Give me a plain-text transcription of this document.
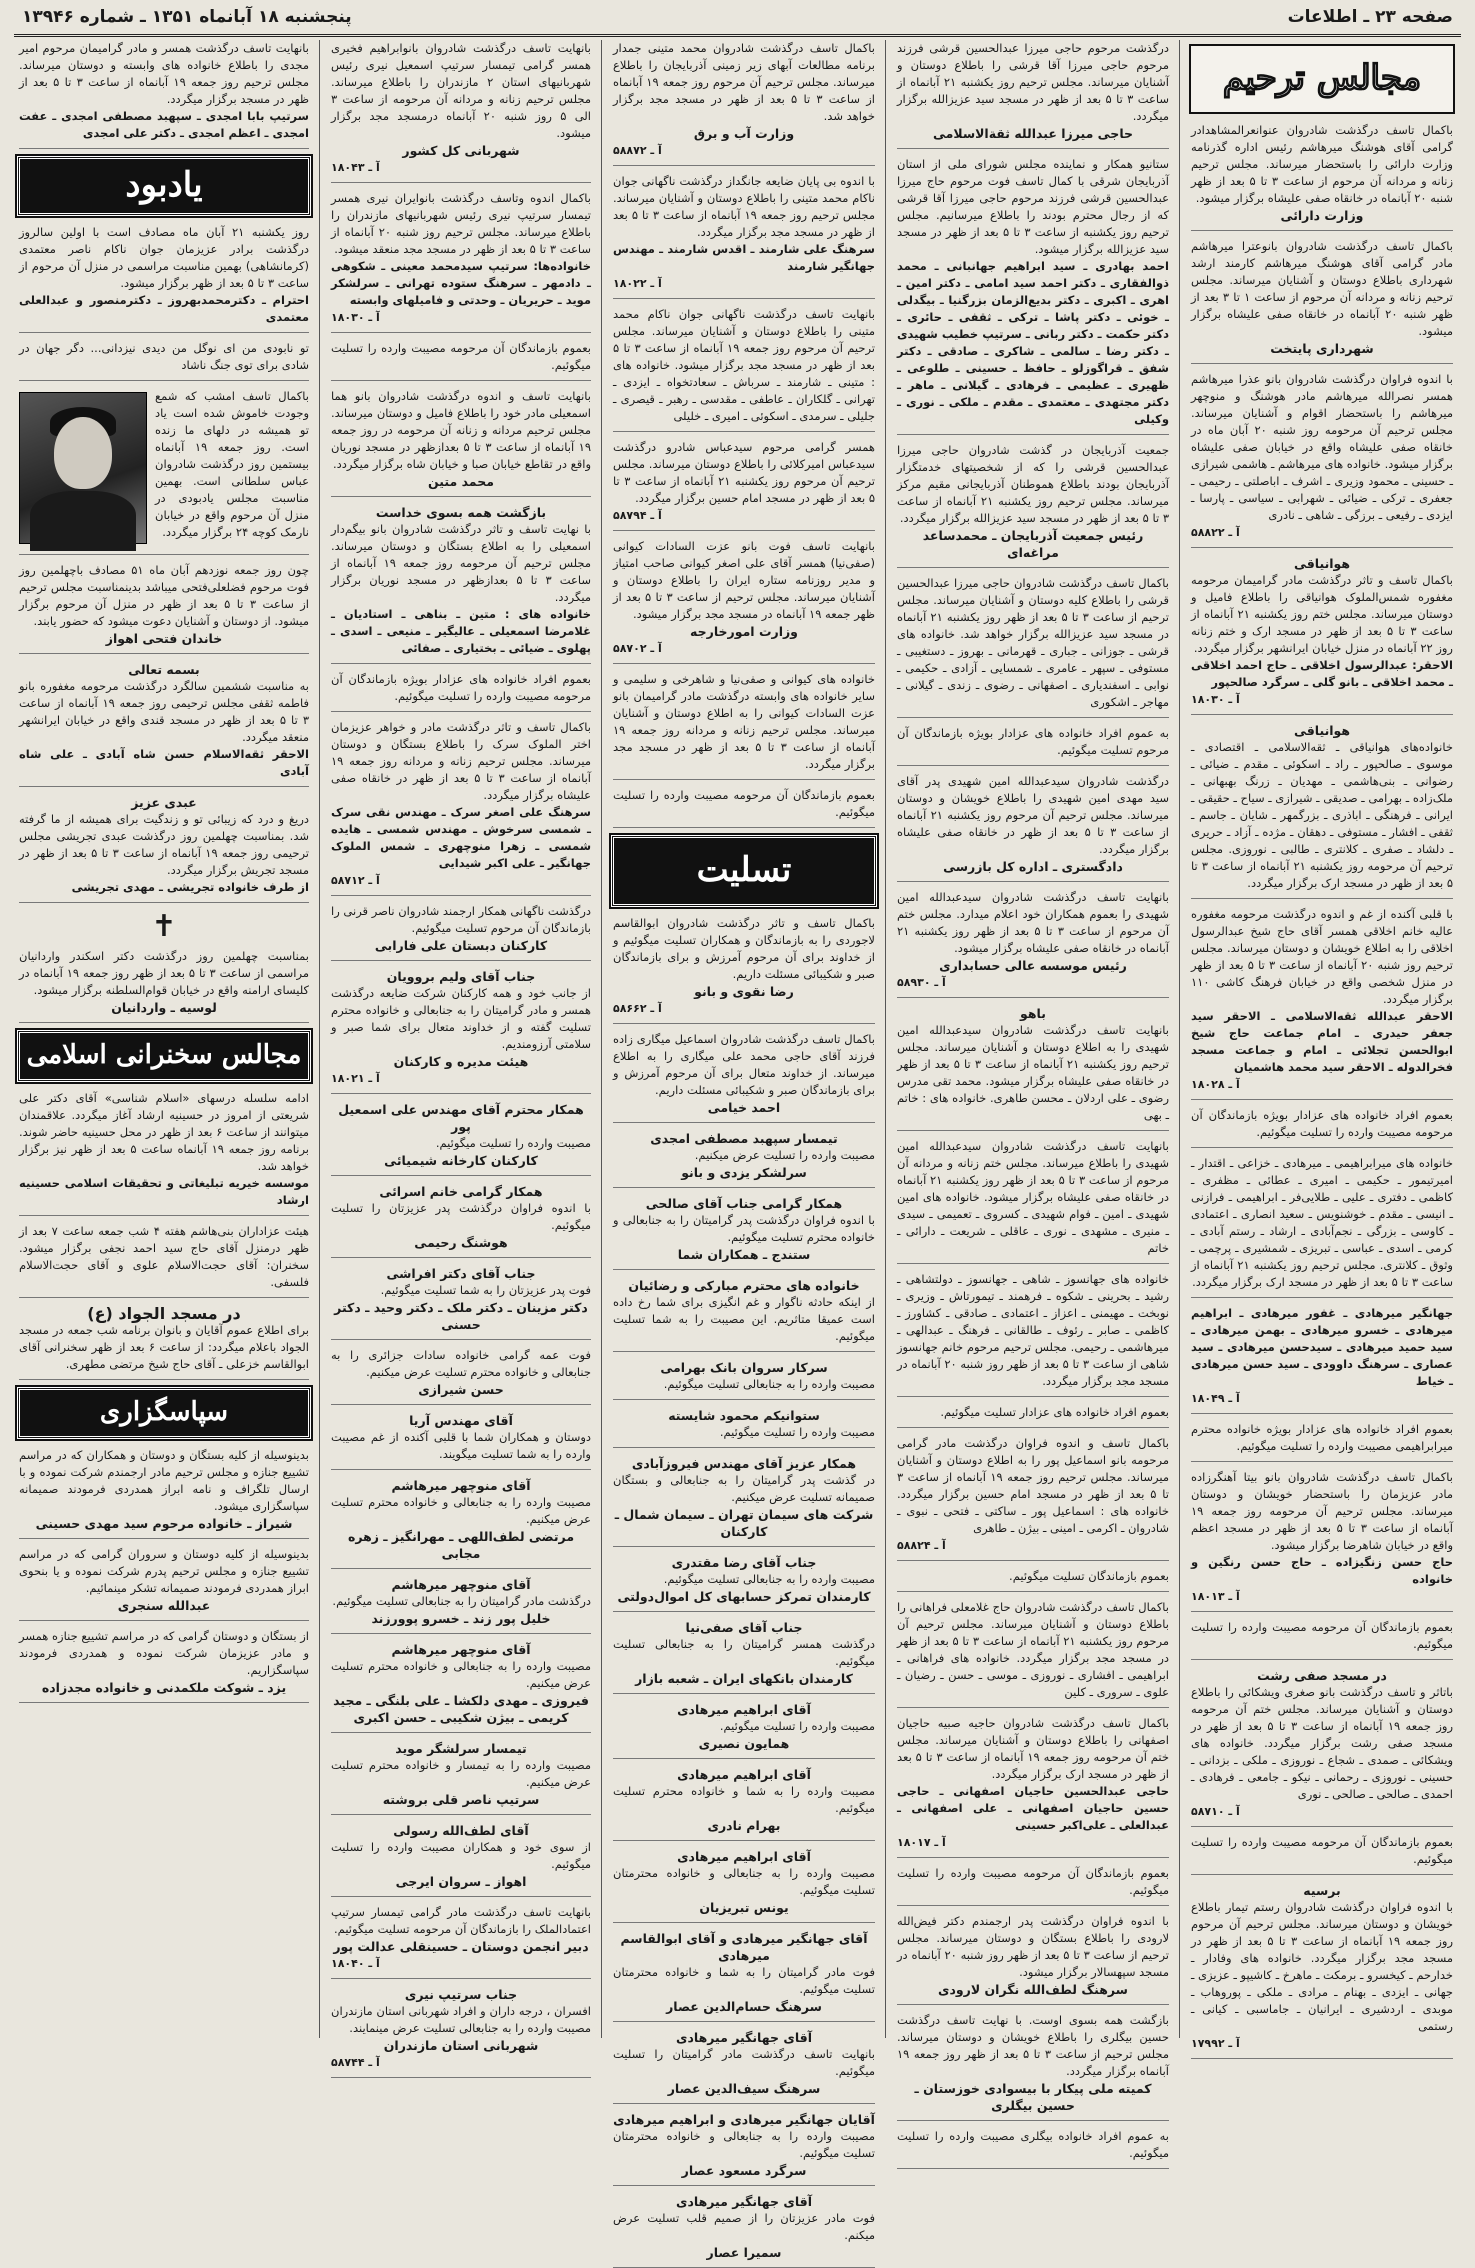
صفحه ۲۳ ـ اطلاعات
پنجشنبه ۱۸ آبانماه ۱۳۵۱ ـ شماره ۱۳۹۴۶
مجالس ترحیم
باکمال تاسف درگذشت شادروان عنوانعرالمشاهدادر گرامی آقای هوشنگ میرهاشم رئیس اداره گذرنامه وزارت دارائی را باستحضار میرساند. مجلس ترحیم زنانه و مردانه آن مرحوم از ساعت ۳ تا ۵ بعد از ظهر شنبه ۲۰ آبانماه در خانقاه صفی علیشاه برگزار میشود.
وزارت دارائی
باکمال تاسف درگذشت شادروان بانوعترا میرهاشم مادر گرامی آقای هوشنگ میرهاشم کارمند ارشد شهرداری باطلاع دوستان و آشنایان میرساند. مجلس ترحیم زنانه و مردانه آن مرحوم از ساعت ۱ تا ۳ بعد از ظهر شنبه ۲۰ آبانماه در خانقاه صفی علیشاه برگزار میشود.
شهرداری پایتخت
با اندوه فراوان درگذشت شادروان بانو عذرا میرهاشم همسر نصرالله میرهاشم مادر هوشنگ و منوچهر میرهاشم را باستحضار اقوام و آشنایان میرساند. مجلس ترحیم آن مرحومه روز شنبه ۲۰ آبان ماه در خانقاه صفی علیشاه واقع در خیابان صفی علیشاه برگزار میشود. خانواده های میرهاشم ـ هاشمی شیرازی ـ حسینی ـ محمود وزیری ـ اشرف ـ اباصلتی ـ رحیمی ـ جعفری ـ ترکی ـ ضیائی ـ شهرابی ـ سیاسی ـ پارسا ـ ایزدی ـ رفیعی ـ برزگی ـ شاهی ـ نادری
آ ـ ۵۸۸۲۲
هوانیاقی
باکمال تاسف و تاثر درگذشت مادر گرامیمان مرحومه مغفوره شمس‌الملوک هوانیاقی را باطلاع فامیل و دوستان میرساند. مجلس ختم روز یکشنبه ۲۱ آبانماه از ساعت ۳ تا ۵ بعد از ظهر در مسجد ارک و ختم زنانه روز ۲۲ آبانماه در منزل خیابان ایرانشهر برگزار میگردد.
الاحقر: عبدالرسول اخلاقی ـ حاج احمد اخلاقی ـ محمد اخلاقی ـ بانو گلی ـ سرگرد صالحپور
آ ـ ۱۸۰۳۰
هوانیاقی
خانواده‌های هوانیاقی ـ ثقه‌الاسلامی ـ اقتصادی ـ موسوی ـ صالحپور ـ راد ـ اسکوئی ـ مقدم ـ ضیائی ـ رضوانی ـ بنی‌هاشمی ـ مهدیان ـ زرنگ بهبهانی ـ ملک‌زاده ـ بهرامی ـ صدیقی ـ شیرازی ـ سیاح ـ حقیقی ـ ایرانی ـ فرهنگی ـ اباذری ـ بزرگمهر ـ شایان ـ جاسم ـ ثقفی ـ افشار ـ مستوفی ـ دهقان ـ مژده ـ آزاد ـ حریری ـ دلشاد ـ صفری ـ کلانتری ـ طالبی ـ نوروزی. مجلس ترحیم آن مرحومه روز یکشنبه ۲۱ آبانماه از ساعت ۳ تا ۵ بعد از ظهر در مسجد ارک برگزار میگردد.
با قلبی آکنده از غم و اندوه درگذشت مرحومه مغفوره عالیه خانم اخلاقی همسر آقای حاج شیخ عبدالرسول اخلاقی را به اطلاع خویشان و دوستان میرساند. مجلس ترحیم روز شنبه ۲۰ آبانماه از ساعت ۳ تا ۵ بعد از ظهر در منزل شخصی واقع در خیابان فرهنگ کاشی ۱۱۰ برگزار میگردد.
الاحقر عبدالله ثقه‌الاسلامی ـ الاحقر سید جعفر حیدری ـ امام جماعت حاج شیخ ابوالحسن تجلائی ـ امام و جماعت مسجد فخرالدوله ـ الاحقر سید محمد هاشمیان
آ ـ ۱۸۰۲۸
بعموم افراد خانواده های عزادار بویژه بازماندگان آن مرحومه مصیبت وارده را تسلیت میگوئیم.
خانواده های میرابراهیمی ـ میرهادی ـ خزاعی ـ اقتدار ـ امیرتیمور ـ حکیمی ـ امیری ـ عطائی ـ مظفری ـ کاظمی ـ دفتری ـ علیی ـ طلایی‌فر ـ ابراهیمی ـ فرازنی ـ انیسی ـ مقدم ـ خوشنویس ـ سعید انصاری ـ اعتمادی ـ کاوسی ـ بزرگی ـ نجم‌آبادی ـ ارشاد ـ رستم آبادی ـ کرمی ـ اسدی ـ عباسی ـ تبریزی ـ شمشیری ـ پرچمی ـ وثوق ـ کلانتری. مجلس ترحیم روز یکشنبه ۲۱ آبانماه از ساعت ۳ تا ۵ بعد از ظهر در مسجد ارک برگزار میگردد.
جهانگیر میرهادی ـ غفور میرهادی ـ ابراهیم میرهادی ـ خسرو میرهادی ـ بهمن میرهادی ـ سید حمید میرهادی ـ سیدحسن میرهادی ـ سید عصاری ـ سرهنگ داوودی ـ سید حسن میرهادی ـ خیاط
آ ـ ۱۸۰۴۹
بعموم افراد خانواده های عزادار بویژه خانواده محترم میرابراهیمی مصیبت وارده را تسلیت میگوئیم.
باکمال تاسف درگذشت شادروان بانو بیتا آهنگرزاده مادر عزیزمان را باستحضار خویشان و دوستان میرساند. مجلس ترحیم آن مرحومه روز جمعه ۱۹ آبانماه از ساعت ۳ تا ۵ بعد از ظهر در مسجد اعظم واقع در خیابان شاهرضا برگزار میشود.
حاج حسن زنگیزاده ـ حاج حسن رنگین و خانواده
آ ـ ۱۸۰۱۳
بعموم بازماندگان آن مرحومه مصیبت وارده را تسلیت میگوئیم.
در مسجد صفی رشت
باتاثر و تاسف درگذشت بانو صغری ویشکائی را باطلاع دوستان و آشنایان میرساند. مجلس ختم آن مرحومه روز جمعه ۱۹ آبانماه از ساعت ۳ تا ۵ بعد از ظهر در مسجد صفی رشت برگزار میگردد. خانواده های ویشکائی ـ صمدی ـ شجاع ـ نوروزی ـ ملکی ـ بزدانی ـ حسینی ـ نوروزی ـ رحمانی ـ نیکو ـ جامعی ـ فرهادی ـ احمدی ـ صالحی ـ صالحی ـ نوری
آ ـ ۵۸۷۱۰
بعموم بازماندگان آن مرحومه مصیبت وارده را تسلیت میگوئیم.
برسیه
با اندوه فراوان درگذشت شادروان رستم تیمار باطلاع خویشان و دوستان میرساند. مجلس ترحیم آن مرحوم روز جمعه ۱۹ آبانماه از ساعت ۳ تا ۵ بعد از ظهر در مسجد مجد برگزار میگردد. خانواده های وفادار ـ خدارحم ـ کیخسرو ـ برمکت ـ ماهرخ ـ کاشیپو ـ عزیزی ـ جهانی ـ ایزدی ـ بهنام ـ مرادی ـ ملکی ـ پوروهاب ـ موبدی ـ اردشیری ـ ایرانیان ـ جاماسبی ـ کیانی ـ رستمی
آ ـ ۱۷۹۹۲
درگذشت مرحوم حاجی میرزا عبدالحسین قرشی فرزند مرحوم حاجی میرزا آقا قرشی را باطلاع دوستان و آشنایان میرساند. مجلس ترحیم روز یکشنبه ۲۱ آبانماه از ساعت ۳ تا ۵ بعد از ظهر در مسجد سید عزیزالله برگزار میگردد.
حاجی میرزا عبدالله ثقةالاسلامی
ستانیو همکار و نماینده مجلس شورای ملی از استان آذربایجان شرقی با کمال تاسف فوت مرحوم حاج میرزا عبدالحسین قرشی فرزند مرحوم حاجی میرزا آقا قرشی که از رجال محترم بودند را باطلاع میرسانیم. مجلس ترحیم روز یکشنبه از ساعت ۳ تا ۵ بعد از ظهر در مسجد سید عزیزالله برگزار میشود.
احمد بهادری ـ سید ابراهیم جهانبانی ـ محمد ذوالفقاری ـ دکتر احمد سید امامی ـ دکتر امین ـ اهری ـ اکبری ـ دکتر بدیع‌الزمان بزرگنیا ـ بیگدلی ـ خوئی ـ دکتر پاشا ـ ترکی ـ ثقفی ـ حائری ـ دکتر حکمت ـ دکتر ربانی ـ سرتیپ خطیب شهیدی ـ دکتر رضا ـ سالمی ـ شاکری ـ صادقی ـ دکتر شفق ـ قراگوزلو ـ حافظ ـ حسینی ـ طلوعی ـ ظهیری ـ عظیمی ـ فرهادی ـ گیلانی ـ ماهر ـ دکتر مجتهدی ـ معتمدی ـ مقدم ـ ملکی ـ نوری ـ وکیلی
جمعیت آذربایجان در گذشت شادروان حاجی میرزا عبدالحسین قرشی را که از شخصیتهای خدمتگزار آذربایجان بودند باطلاع هموطنان آذربایجانی مقیم مرکز میرساند. مجلس ترحیم روز یکشنبه ۲۱ آبانماه از ساعت ۳ تا ۵ بعد از ظهر در مسجد سید عزیزالله برگزار میگردد.
رئیس جمعیت آذربایجان ـ محمدساعد مراغه‌ای
باکمال تاسف درگذشت شادروان حاجی میرزا عبدالحسین قرشی را باطلاع کلیه دوستان و آشنایان میرساند. مجلس ترحیم از ساعت ۳ تا ۵ بعد از ظهر روز یکشنبه ۲۱ آبانماه در مسجد سید عزیزالله برگزار خواهد شد. خانواده های قرشی ـ جوزانی ـ جباری ـ قهرمانی ـ بهروز ـ دستغیبی ـ مستوفی ـ سپهر ـ عامری ـ شمسایی ـ آزادی ـ حکیمی ـ نوابی ـ اسفندیاری ـ اصفهانی ـ رضوی ـ زندی ـ گیلانی ـ مهاجر ـ اشکوری
به عموم افراد خانواده های عزادار بویژه بازماندگان آن مرحوم تسلیت میگوئیم.
درگذشت شادروان سیدعبدالله امین شهیدی پدر آقای سید مهدی امین شهیدی را باطلاع خویشان و دوستان میرساند. مجلس ترحیم آن مرحوم روز یکشنبه ۲۱ آبانماه از ساعت ۳ تا ۵ بعد از ظهر در خانقاه صفی علیشاه برگزار میگردد.
دادگستری ـ اداره کل بازرسی
بانهایت تاسف درگذشت شادروان سیدعبدالله امین شهیدی را بعموم همکاران خود اعلام میدارد. مجلس ختم آن مرحوم از ساعت ۳ تا ۵ بعد از ظهر روز یکشنبه ۲۱ آبانماه در خانقاه صفی علیشاه برگزار میشود.
رئیس موسسه عالی حسابداری
آ ـ ۵۸۹۳۰
باهو
بانهایت تاسف درگذشت شادروان سیدعبدالله امین شهیدی را به اطلاع دوستان و آشنایان میرساند. مجلس ترحیم روز یکشنبه ۲۱ آبانماه از ساعت ۳ تا ۵ بعد از ظهر در خانقاه صفی علیشاه برگزار میشود. محمد تقی مدرس رضوی ـ علی اردلان ـ محسن طاهری. خانواده های : خاتم ـ بهی
بانهایت تاسف درگذشت شادروان سیدعبدالله امین شهیدی را باطلاع میرساند. مجلس ختم زنانه و مردانه آن مرحوم از ساعت ۳ تا ۵ بعد از ظهر روز یکشنبه ۲۱ آبانماه در خانقاه صفی علیشاه برگزار میشود. خانواده های امین شهیدی ـ امین ـ فوام شهیدی ـ کسروی ـ تعمیمی ـ سیدی ـ منیری ـ مشهدی ـ نوری ـ عاقلی ـ شریعت ـ دارائی ـ خاتم
خانواده های جهانسوز ـ شاهی ـ جهانسوز ـ دولتشاهی ـ رشید ـ بحرینی ـ شکوه ـ فرهمند ـ تیمورتاش ـ وزیری ـ نوبخت ـ مهیمنی ـ اعزاز ـ اعتمادی ـ صادقی ـ کشاورز ـ کاظمی ـ صابر ـ رئوف ـ طالقانی ـ فرهنگ ـ عبدالهی ـ میرهاشمی ـ رحیمی. مجلس ترحیم مرحوم خانم جهانسوز شاهی از ساعت ۳ تا ۵ بعد از ظهر روز شنبه ۲۰ آبانماه در مسجد مجد برگزار میگردد.
بعموم افراد خانواده های عزادار تسلیت میگوئیم.
باکمال تاسف و اندوه فراوان درگذشت مادر گرامی مرحومه بانو اسماعیل پور را به اطلاع دوستان و آشنایان میرساند. مجلس ترحیم روز جمعه ۱۹ آبانماه از ساعت ۳ تا ۵ بعد از ظهر در مسجد امام حسین برگزار میگردد. خانواده های : اسماعیل پور ـ ساکتی ـ فتحی ـ نبوی ـ شادروان ـ اکرمی ـ امینی ـ بیژن ـ طاهری
آ ـ ۵۸۸۲۴
بعموم بازماندگان تسلیت میگوئیم.
باکمال تاسف درگذشت شادروان حاج غلامعلی فراهانی را باطلاع دوستان و آشنایان میرساند. مجلس ترحیم آن مرحوم روز یکشنبه ۲۱ آبانماه از ساعت ۳ تا ۵ بعد از ظهر در مسجد مجد برگزار میگردد. خانواده های فراهانی ـ ابراهیمی ـ افشاری ـ نوروزی ـ موسی ـ حسن ـ رضیان ـ علوی ـ سروری ـ کلین
باکمال تاسف درگذشت شادروان حاجیه صبیه حاجیان اصفهانی را باطلاع دوستان و آشنایان میرساند. مجلس ختم آن مرحومه روز جمعه ۱۹ آبانماه از ساعت ۳ تا ۵ بعد از ظهر در مسجد ارک برگزار میگردد.
حاجی عبدالحسین حاجیان اصفهانی ـ حاجی حسین حاجیان اصفهانی ـ علی اصفهانی ـ عبدالعلی ـ علی‌اکبر حسینی
آ ـ ۱۸۰۱۷
بعموم بازماندگان آن مرحومه مصیبت وارده را تسلیت میگوئیم.
با اندوه فراوان درگذشت پدر ارجمندم دکتر فیض‌الله لارودی را باطلاع بستگان و دوستان میرساند. مجلس ترحیم از ساعت ۳ تا ۵ بعد از ظهر روز شنبه ۲۰ آبانماه در مسجد سپهسالار برگزار میشود.
سرهنگ لطف‌الله نگران لارودی
بازگشت همه بسوی اوست. با نهایت تاسف درگذشت حسین بیگلری را باطلاع خویشان و دوستان میرساند. مجلس ترحیم از ساعت ۳ تا ۵ بعد از ظهر روز جمعه ۱۹ آبانماه برگزار میگردد.
کمیته ملی پیکار با بیسوادی خوزستان ـ حسین بیگلری
به عموم افراد خانواده بیگلری مصیبت وارده را تسلیت میگوئیم.
باکمال تاسف درگذشت شادروان محمد متینی جمدار برنامه مطالعات آبهای زیر زمینی آذربایجان را باطلاع میرساند. مجلس ترحیم آن مرحوم روز جمعه ۱۹ آبانماه از ساعت ۳ تا ۵ بعد از ظهر در مسجد مجد برگزار خواهد شد.
وزارت آب و برق
آ ـ ۵۸۸۷۲
با اندوه بی پایان ضایعه جانگداز درگذشت ناگهانی جوان ناکام محمد متینی را باطلاع دوستان و آشنایان میرساند. مجلس ترحیم روز جمعه ۱۹ آبانماه از ساعت ۳ تا ۵ بعد از ظهر در مسجد مجد برگزار میگردد.
سرهنگ علی شارمند ـ اقدس شارمند ـ مهندس جهانگیر شارمند
آ ـ ۱۸۰۲۲
بانهایت تاسف درگذشت ناگهانی جوان ناکام محمد متینی را باطلاع دوستان و آشنایان میرساند. مجلس ترحیم آن مرحوم روز جمعه ۱۹ آبانماه از ساعت ۳ تا ۵ بعد از ظهر در مسجد مجد برگزار میشود. خانواده های : متینی ـ شارمند ـ سرباش ـ سعادتخواه ـ ایزدی ـ تهرانی ـ گلکاران ـ عاطفی ـ مقدسی ـ رهبر ـ قیصری ـ جلیلی ـ سرمدی ـ اسکوئی ـ امیری ـ خلیلی
همسر گرامی مرحوم سیدعباس شادرو درگذشت سیدعباس امیرکلائی را باطلاع دوستان میرساند. مجلس ترحیم آن مرحوم روز یکشنبه ۲۱ آبانماه از ساعت ۳ تا ۵ بعد از ظهر در مسجد امام حسین برگزار میگردد.
آ ـ ۵۸۷۹۴
بانهایت تاسف فوت بانو عزت السادات کیوانی (صفی‌نیا) همسر آقای علی اصغر کیوانی صاحب امتیاز و مدیر روزنامه ستاره ایران را باطلاع دوستان و آشنایان میرساند. مجلس ترحیم از ساعت ۳ تا ۵ بعد از ظهر جمعه ۱۹ آبانماه در مسجد مجد برگزار میشود.
وزارت امورخارجه
آ ـ ۵۸۷۰۲
خانواده های کیوانی و صفی‌نیا و شاهرخی و سلیمی و سایر خانواده های وابسته درگذشت مادر گرامیمان بانو عزت السادات کیوانی را به اطلاع دوستان و آشنایان میرساند. مجلس ترحیم زنانه و مردانه روز جمعه ۱۹ آبانماه از ساعت ۳ تا ۵ بعد از ظهر در مسجد مجد برگزار میگردد.
بعموم بازماندگان آن مرحومه مصیبت وارده را تسلیت میگوئیم.
تسلیت
باکمال تاسف و تاثر درگذشت شادروان ابوالقاسم لاجوردی را به بازماندگان و همکاران تسلیت میگوئیم و از خداوند برای آن مرحوم آمرزش و برای بازماندگان صبر و شکیبائی مسئلت داریم.
رضا نقوی و بانو
آ ـ ۵۸۶۶۲
باکمال تاسف درگذشت شادروان اسماعیل میگاری زاده فرزند آقای حاجی محمد علی میگاری را به اطلاع میرساند. از خداوند متعال برای آن مرحوم آمرزش و برای بازماندگان صبر و شکیبائی مسئلت داریم.
احمد خیامی
تیمسار سپهبد مصطفی امجدی
مصیبت وارده را تسلیت عرض میکنیم.
سرلشکر یزدی و بانو
همکار گرامی جناب آقای صالحی
با اندوه فراوان درگذشت پدر گرامیتان را به جنابعالی و خانواده محترم تسلیت میگوئیم.
ستندج ـ همکاران شما
خانواده های محترم مبارکی و رضائیان
از اینکه حادثه ناگوار و غم انگیزی برای شما رخ داده است عمیقا متاثریم. این مصیبت را به شما تسلیت میگوئیم.
سرکار سروان بانک بهرامی
مصیبت وارده را به جنابعالی تسلیت میگوئیم.
ستوانیکم محمود شایسته
مصیبت وارده را تسلیت میگوئیم.
همکار عزیز آقای مهندس فیروزآبادی
در گذشت پدر گرامیتان را به جنابعالی و بستگان صمیمانه تسلیت عرض میکنیم.
شرکت های سیمان تهران ـ سیمان شمال ـ کارکنان
جناب آقای رضا مقتدری
مصیبت وارده را به جنابعالی تسلیت میگوئیم.
کارمندان تمرکز حسابهای کل اموال‌دولتی
جناب آقای صفی‌نیا
درگذشت همسر گرامیتان را به جنابعالی تسلیت میگوئیم.
کارمندان بانکهای ایران ـ شعبه بازار
آقای ابراهیم میرهادی
مصیبت وارده را تسلیت میگوئیم.
همایون نصیری
آقای ابراهیم میرهادی
مصیبت وارده را به شما و خانواده محترم تسلیت میگوئیم.
بهرام نادری
آقای ابراهیم میرهادی
مصیبت وارده را به جنابعالی و خانواده محترمتان تسلیت میگوئیم.
یونس تبریزیان
آقای جهانگیر میرهادی و آقای ابوالقاسم میرهادی
فوت مادر گرامیتان را به شما و خانواده محترمتان تسلیت میگوئیم.
سرهنگ حسام‌الدین عصار
آقای جهانگیر میرهادی
بانهایت تاسف درگذشت مادر گرامیتان را تسلیت میگوئیم.
سرهنگ سیف‌الدین عصار
آقایان جهانگیر میرهادی و ابراهیم میرهادی
مصیبت وارده را به جنابعالی و خانواده محترمتان تسلیت میگوئیم.
سرگرد مسعود عصار
آقای جهانگیر میرهادی
فوت مادر عزیزتان را از صمیم قلب تسلیت عرض میکنم.
سمیرا عصار
بانهایت تاسف درگذشت شادروان بانوابراهیم فخیری همسر گرامی تیمسار سرتیپ اسمعیل نیری رئیس شهربانیهای استان ۲ مازندران را باطلاع میرساند. مجلس ترحیم زنانه و مردانه آن مرحومه از ساعت ۳ الی ۵ روز شنبه ۲۰ آبانماه درمسجد مجد برگزار میشود.
شهربانی کل کشور
آ ـ ۱۸۰۴۳
باکمال اندوه وتاسف درگذشت بانوایران نیری همسر تیمسار سرتیپ نیری رئیس شهربانیهای مازندران را باطلاع میرساند. مجلس ترحیم روز شنبه ۲۰ آبانماه از ساعت ۳ تا ۵ بعد از ظهر در مسجد مجد منعقد میشود.
خانواده‌ها: سرتیپ سیدمحمد معینی ـ شکوهی ـ دادمهر ـ سرهنگ ستوده تهرانی ـ سرلشکر موید ـ حریریان ـ وحدتی و فامیلهای وابسته
آ ـ ۱۸۰۳۰
بعموم بازماندگان آن مرحومه مصیبت وارده را تسلیت میگوئیم.
بانهایت تاسف و اندوه درگذشت شادروان بانو هما اسمعیلی مادر خود را باطلاع فامیل و دوستان میرساند. مجلس ترحیم مردانه و زنانه آن مرحومه در روز جمعه ۱۹ آبانماه از ساعت ۳ تا ۵ بعدازظهر در مسجد نوریان واقع در تقاطع خیابان صبا و خیابان شاه برگزار میگردد.
محمد متین
بازگشت همه بسوی خداست
با نهایت تاسف و تاثر درگذشت شادروان بانو بیگم‌دار اسمعیلی را به اطلاع بستگان و دوستان میرساند. مجلس ترحیم آن مرحومه روز جمعه ۱۹ آبانماه از ساعت ۳ تا ۵ بعدازظهر در مسجد نوریان برگزار میگردد.
خانواده های : متین ـ بناهی ـ استادیان ـ غلامرضا اسمعیلی ـ عالیگیر ـ منیعی ـ اسدی ـ پهلوی ـ ضیائی ـ بختیاری ـ صفائی
بعموم افراد خانواده های عزادار بویژه بازماندگان آن مرحومه مصیبت وارده را تسلیت میگوئیم.
باکمال تاسف و تاثر درگذشت مادر و خواهر عزیزمان اختر الملوک سرک را باطلاع بستگان و دوستان میرساند. مجلس ترحیم زنانه و مردانه روز جمعه ۱۹ آبانماه از ساعت ۳ تا ۵ بعد از ظهر در خانقاه صفی علیشاه برگزار میگردد.
سرهنگ علی اصغر سرک ـ مهندس نقی سرک ـ شمسی سرخوش ـ مهندس شمسی ـ هایده شمسی ـ زهرا منوچهری ـ شمس الملوک جهانگیر ـ علی اکبر شیدایی
آ ـ ۵۸۷۱۲
درگذشت ناگهانی همکار ارجمند شادروان ناصر قرنی را بازماندگان آن مرحوم تسلیت میگوئیم.
کارکنان دبستان علی فارابی
جناب آقای ولیم بروویان
از جانب خود و همه کارکنان شرکت ضایعه درگذشت همسر و مادر گرامیتان را به جنابعالی و خانواده محترم تسلیت گفته و از خداوند متعال برای شما صبر و سلامتی آرزومندیم.
هیئت مدیره و کارکنان
آ ـ ۱۸۰۲۱
همکار محترم آقای مهندس علی اسمعیل پور
مصیبت وارده را تسلیت میگوئیم.
کارکنان کارخانه شیمیائی
همکار گرامی خانم اسرائی
با اندوه فراوان درگذشت پدر عزیزتان را تسلیت میگوئیم.
هوشنگ رحیمی
جناب آقای دکتر افراشی
فوت پدر عزیزتان را به شما تسلیت میگوئیم.
دکتر مزینان ـ دکتر ملک ـ دکتر وحید ـ دکتر حسنی
فوت عمه گرامی خانواده سادات جزائری را به جنابعالی و خانواده محترم تسلیت عرض میکنیم.
حسن شیرازی
آقای مهندس آریا
دوستان و همکاران شما با قلبی آکنده از غم مصیبت وارده را به شما تسلیت میگویند.
آقای منوچهر میرهاشم
مصیبت وارده را به جنابعالی و خانواده محترم تسلیت عرض میکنیم.
مرتضی لطف‌اللهی ـ مهرانگیز ـ زهره مجابی
آقای منوچهر میرهاشم
درگذشت مادر گرامیتان را به جنابعالی تسلیت میگوئیم.
خلیل پور زند ـ خسرو پوورزند
آقای منوچهر میرهاشم
مصیبت وارده را به جنابعالی و خانواده محترم تسلیت عرض میکنیم.
فیروزی ـ مهدی دلکشا ـ علی بلنگی ـ مجید کریمی ـ بیژن شکیبی ـ حسن اکبری
تیمسار سرلشگر موید
مصیبت وارده را به تیمسار و خانواده محترم تسلیت عرض میکنیم.
سرتیپ ناصر قلی بروشته
آقای لطف‌الله رسولی
از سوی خود و همکاران مصیبت وارده را تسلیت میگوئیم.
اهواز ـ سروان ایرجی
بانهایت تاسف درگذشت مادر گرامی تیمسار سرتیپ اعتمادالملک را بازماندگان آن مرحومه تسلیت میگوئیم.
دبیر انجمن دوستان ـ حسینقلی عدالت پور
آ ـ ۱۸۰۴۰
جناب سرتیپ نیری
افسران ، درجه داران و افراد شهربانی استان مازندران مصیبت وارده را به جنابعالی تسلیت عرض مینمایند.
شهربانی استان مازندران
آ ـ ۵۸۷۴۴
بانهایت تاسف درگذشت همسر و مادر گرامیمان مرحوم امیر مجدی را باطلاع خانواده های وابسته و دوستان میرساند. مجلس ترحیم روز جمعه ۱۹ آبانماه از ساعت ۳ تا ۵ بعد از ظهر در مسجد برگزار میگردد.
سرتیپ بابا امجدی ـ سپهبد مصطفی امجدی ـ عفت امجدی ـ اعظم امجدی ـ دکتر علی امجدی
یادبود
روز یکشنبه ۲۱ آبان ماه مصادف است با اولین سالروز درگذشت برادر عزیزمان جوان ناکام ناصر معتمدی (کرمانشاهی) بهمین مناسبت مراسمی در منزل آن مرحوم از ساعت ۳ تا ۵ بعد از ظهر برگزار میشود.
احترام ـ دکترمحمدبهروز ـ دکترمنصور و عبدالعلی معتمدی
تو نابودی من ای نوگل من دیدی نیزدانی... دگر جهان در شادی برای توی جنگ ناشاد
باکمال تاسف امشب که شمع وجودت خاموش شده است یاد تو همیشه در دلهای ما زنده است. روز جمعه ۱۹ آبانماه بیستمین روز درگذشت شادروان عباس سلطانی است. بهمین مناسبت مجلس یادبودی در منزل آن مرحوم واقع در خیابان نارمک کوچه ۲۴ برگزار میگردد.
چون روز جمعه نوزدهم آبان ماه ۵۱ مصادف باچهلمین روز فوت مرحوم فضلعلی‌فتحی میباشد بدینمناسبت مجلس ترحیم از ساعت ۳ تا ۵ بعد از ظهر در منزل آن مرحوم برگزار میشود. از دوستان و آشنایان دعوت میشود که حضور یابند.
خاندان فتحی اهواز
بسمه تعالی
به مناسبت ششمین سالگرد درگذشت مرحومه مغفوره بانو فاطمه ثقفی مجلس ترحیمی روز جمعه ۱۹ آبانماه از ساعت ۳ تا ۵ بعد از ظهر در مسجد قندی واقع در خیابان ایرانشهر منعقد میگردد.
الاحقر ثقه‌الاسلام حسن شاه آبادی ـ علی‌ شاه آبادی
عبدی عزیز
دریغ و درد که زیبائی تو و زندگیت برای همیشه از ما گرفته شد. بمناسبت چهلمین روز درگذشت عبدی تجریشی مجلس ترحیمی روز جمعه ۱۹ آبانماه از ساعت ۳ تا ۵ بعد از ظهر در مسجد تجریش برگزار میگردد.
از طرف خانواده تجریشی ـ مهدی تجریشی
✝
بمناسبت چهلمین روز درگذشت دکتر اسکندر واردانیان مراسمی از ساعت ۳ تا ۵ بعد از ظهر روز جمعه ۱۹ آبانماه در کلیسای ارامنه واقع در خیابان قوام‌السلطنه برگزار میشود.
لوسیه ـ واردانیان
مجالس سخنرانی اسلامی
ادامه سلسله درسهای «اسلام شناسی» آقای دکتر علی شریعتی از امروز در حسینیه ارشاد آغاز میگردد. علاقمندان میتوانند از ساعت ۶ بعد از ظهر در محل حسینیه حاضر شوند. برنامه روز جمعه ۱۹ آبانماه ساعت ۵ بعد از ظهر نیز برگزار خواهد شد.
موسسه خیریه تبلیغاتی و تحقیقات اسلامی حسینیه ارشاد
هیئت عزاداران بنی‌هاشم هفته ۴ شب جمعه ساعت ۷ بعد از ظهر درمنزل آقای حاج سید احمد نجفی برگزار میشود. سخنران: آقای حجت‌الاسلام علوی و آقای حجت‌الاسلام فلسفی.
در مسجد الجواد (ع)
برای اطلاع عموم آقایان و بانوان برنامه شب جمعه در مسجد الجواد باعلام میگردد: از ساعت ۶ بعد از ظهر سخنرانی آقای ابوالقاسم خزعلی ـ آقای حاج شیخ مرتضی مطهری.
سپاسگزاری
بدینوسیله از کلیه بستگان و دوستان و همکاران که در مراسم تشییع جنازه و مجلس ترحیم مادر ارجمندم شرکت نموده و با ارسال تلگراف و نامه ابراز همدردی فرمودند صمیمانه سپاسگزاری میشود.
شیراز ـ خانواده مرحوم سید مهدی حسینی
بدینوسیله از کلیه دوستان و سروران گرامی که در مراسم تشییع جنازه و مجلس ترحیم پدرم شرکت نموده و یا بنحوی ابراز همدردی فرمودند صمیمانه تشکر مینمائیم.
عبدالله سنجری
از بستگان و دوستان گرامی که در مراسم تشییع جنازه همسر و مادر عزیزمان شرکت نموده و همدردی فرمودند سپاسگزاریم.
یزد ـ شوکت ملکمدنی و خانواده مجدزاده
